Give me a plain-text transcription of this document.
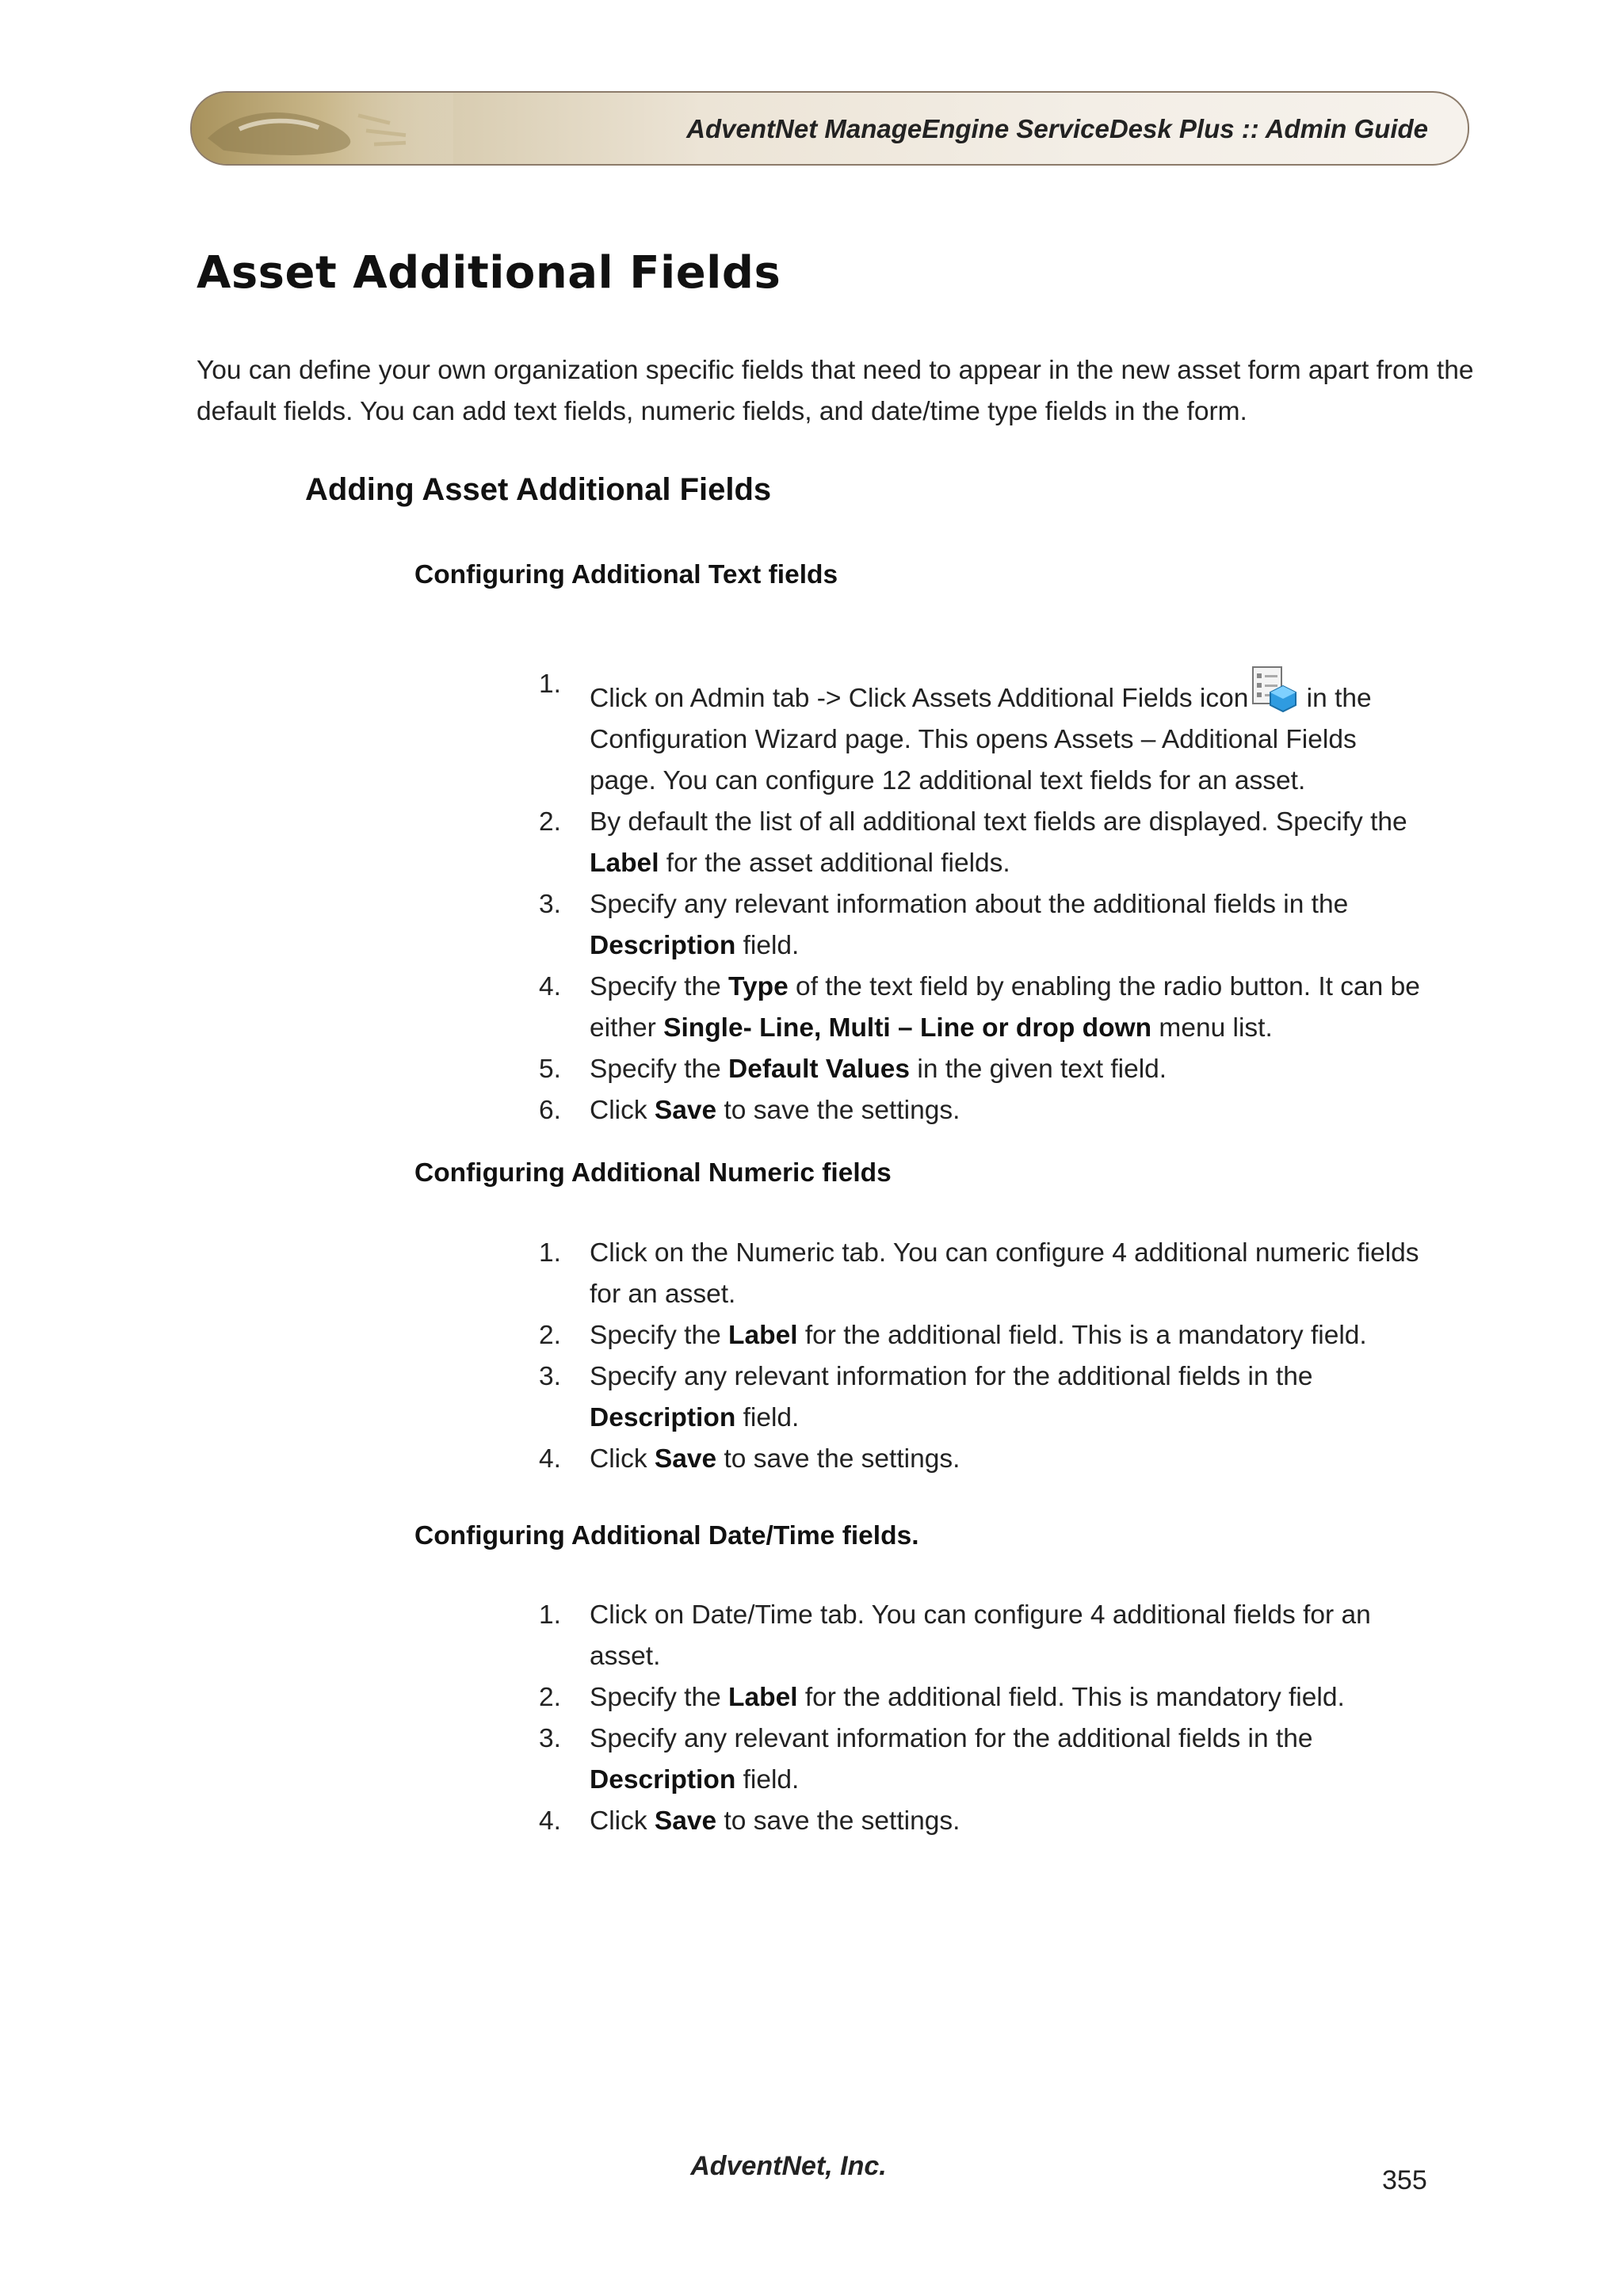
AdventNet ManageEngine ServiceDesk Plus :: Admin Guide
Asset Additional Fields

You can define your own organization specific fields that need to appear in the new asset form apart from the default fields. You can add text fields, numeric fields, and date/time type fields in the form.

Adding Asset Additional Fields
Configuring Additional Text fields
1. Click on Admin tab -> Click Assets Additional Fields icon in the Configuration Wizard page. This opens Assets – Additional Fields page. You can configure 12 additional text fields for an asset.
2. By default the list of all additional text fields are displayed. Specify the Label for the asset additional fields.
3. Specify any relevant information about the additional fields in the Description field.
4. Specify the Type of the text field by enabling the radio button. It can be either Single- Line, Multi – Line or drop down menu list.
5. Specify the Default Values in the given text field.
6. Click Save to save the settings.
Configuring Additional Numeric fields
1. Click on the Numeric tab. You can configure 4 additional numeric fields for an asset.
2. Specify the Label for the additional field. This is a mandatory field.
3. Specify any relevant information for the additional fields in the Description field.
4. Click Save to save the settings.
Configuring Additional Date/Time fields.
1. Click on Date/Time tab. You can configure 4 additional fields for an asset.
2. Specify the Label for the additional field. This is mandatory field.
3. Specify any relevant information for the additional fields in the Description field.
4. Click Save to save the settings.
AdventNet, Inc.	355
